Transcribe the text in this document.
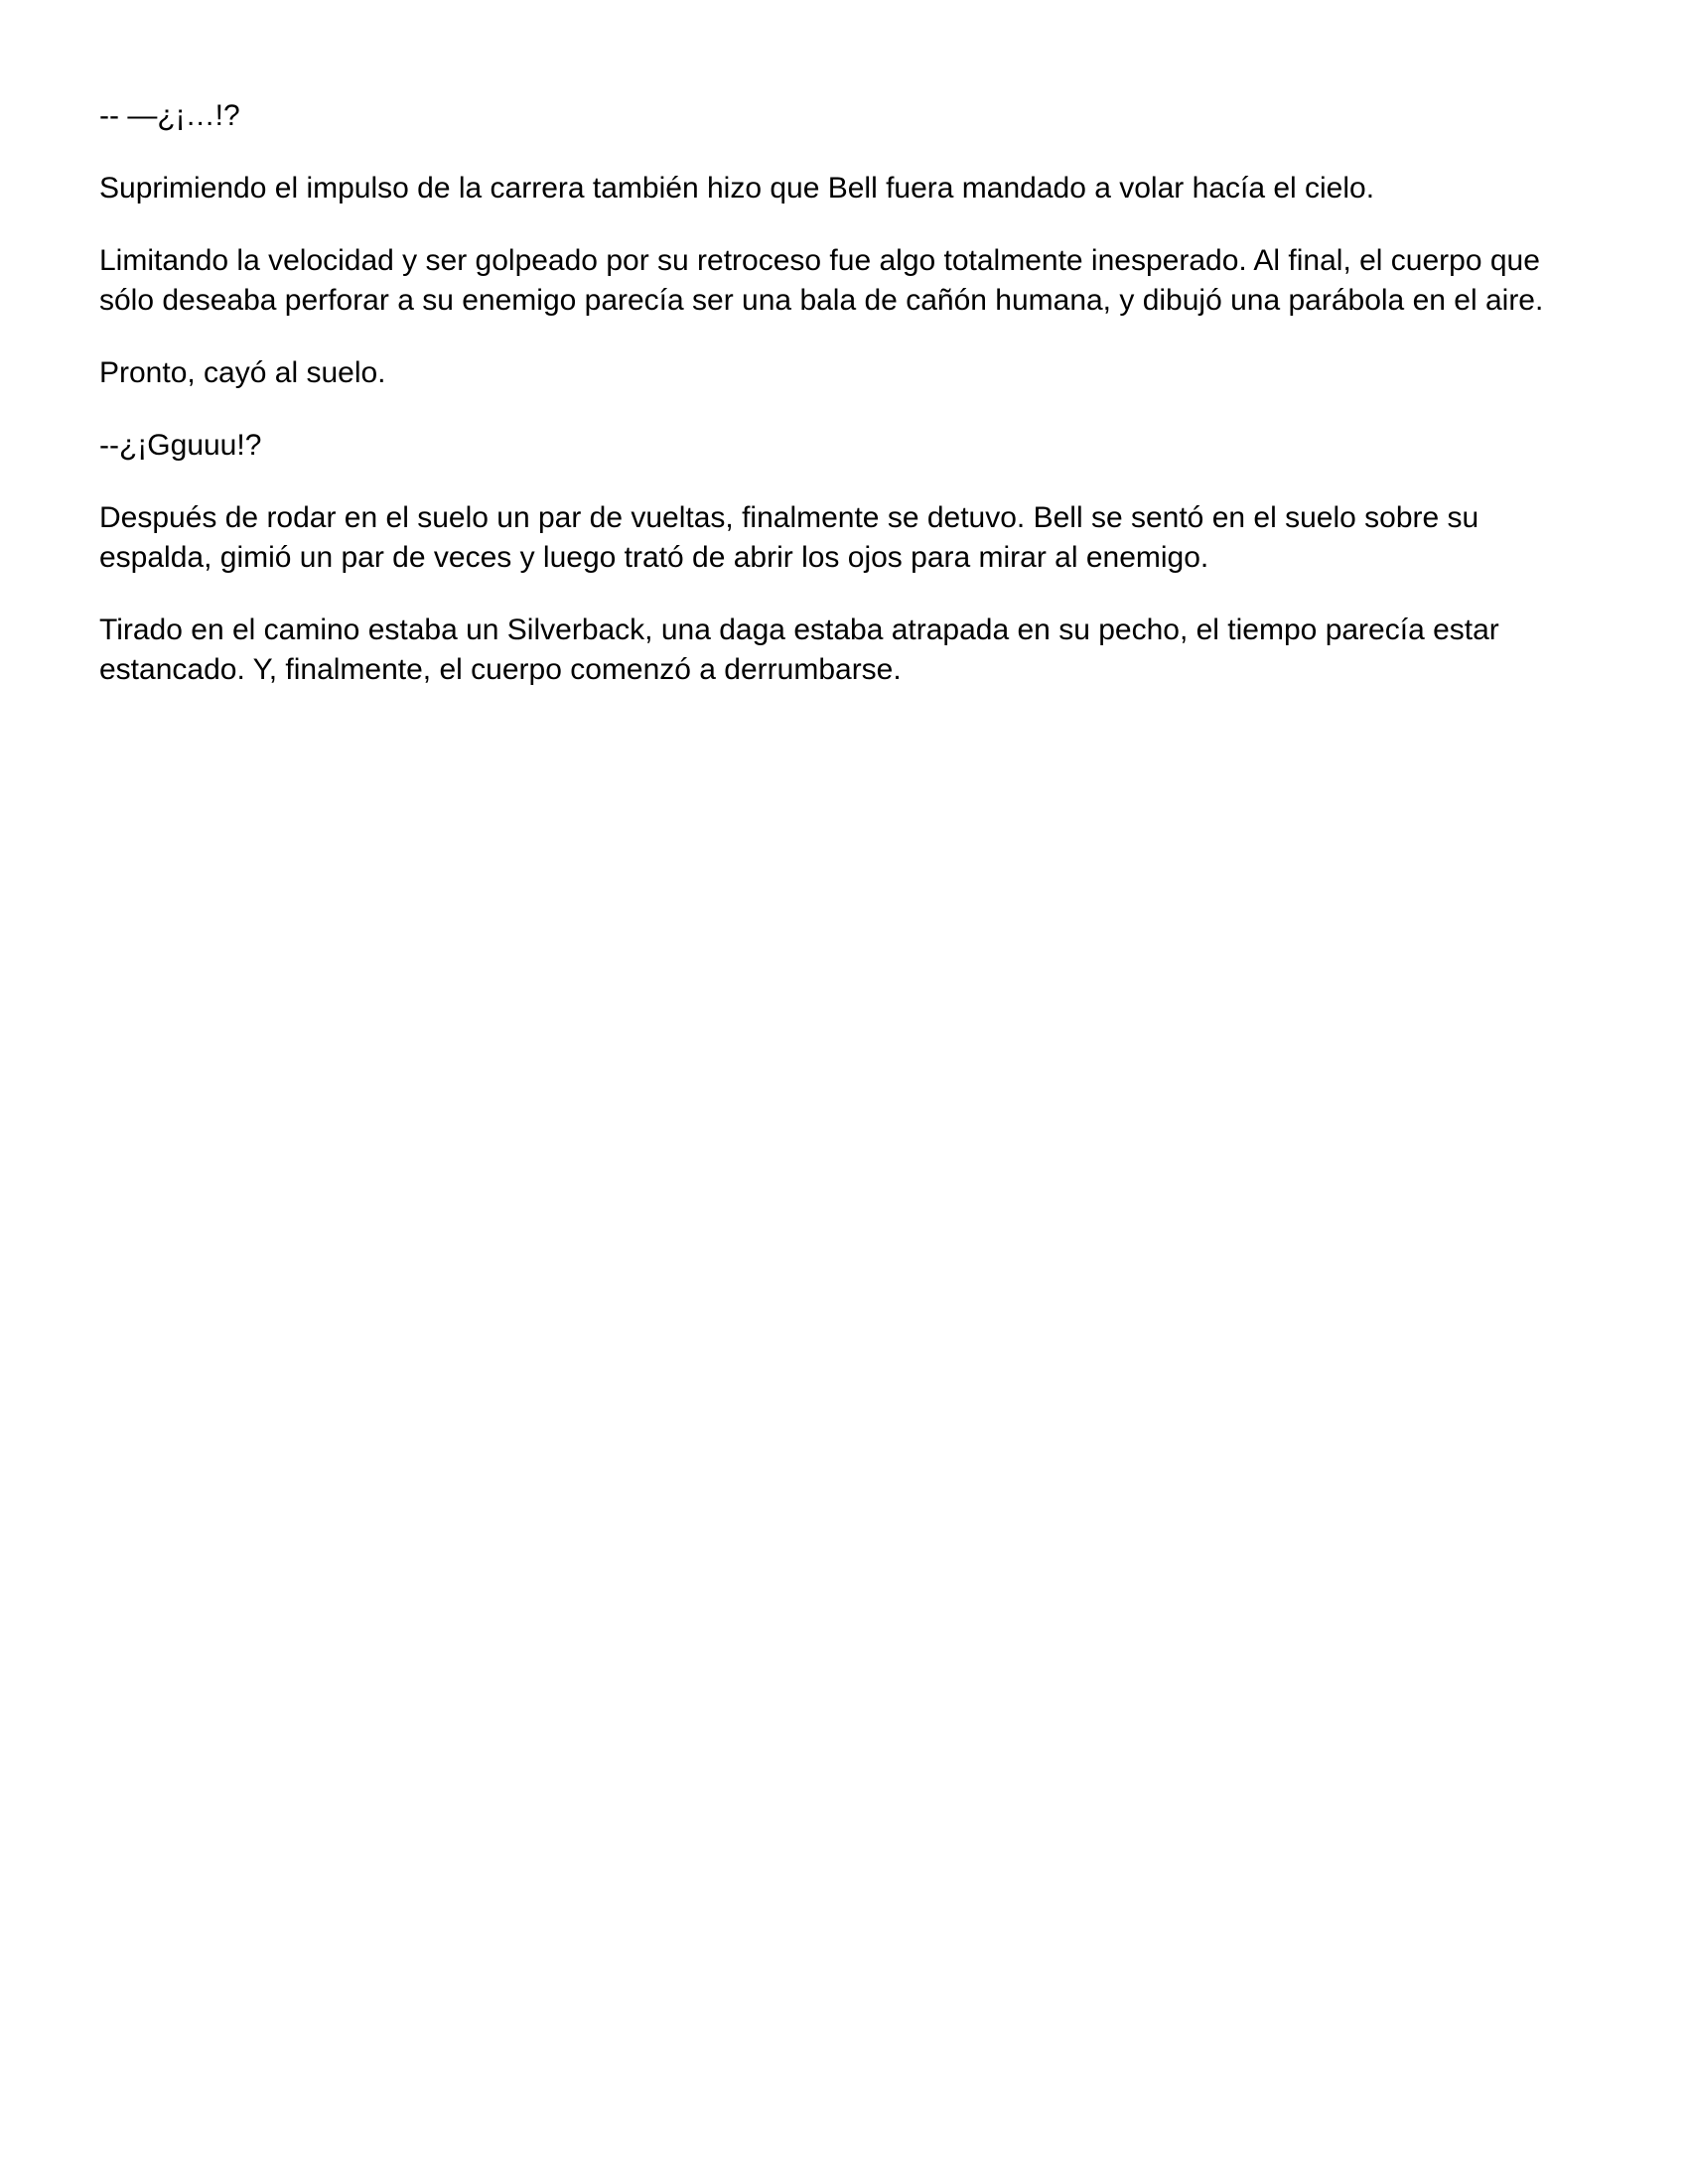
-- —¿¡…!?

Suprimiendo el impulso de la carrera también hizo que Bell fuera mandado a volar hacía el cielo.

Limitando la velocidad y ser golpeado por su retroceso fue algo totalmente inesperado. Al final, el cuerpo que sólo deseaba perforar a su enemigo parecía ser una bala de cañón humana, y dibujó una parábola en el aire.

Pronto, cayó al suelo.

--¿¡Gguuu!?

Después de rodar en el suelo un par de vueltas, finalmente se detuvo. Bell se sentó en el suelo sobre su espalda, gimió un par de veces y luego trató de abrir los ojos para mirar al enemigo.

Tirado en el camino estaba un Silverback, una daga estaba atrapada en su pecho, el tiempo parecía estar estancado. Y, finalmente, el cuerpo comenzó a derrumbarse.
